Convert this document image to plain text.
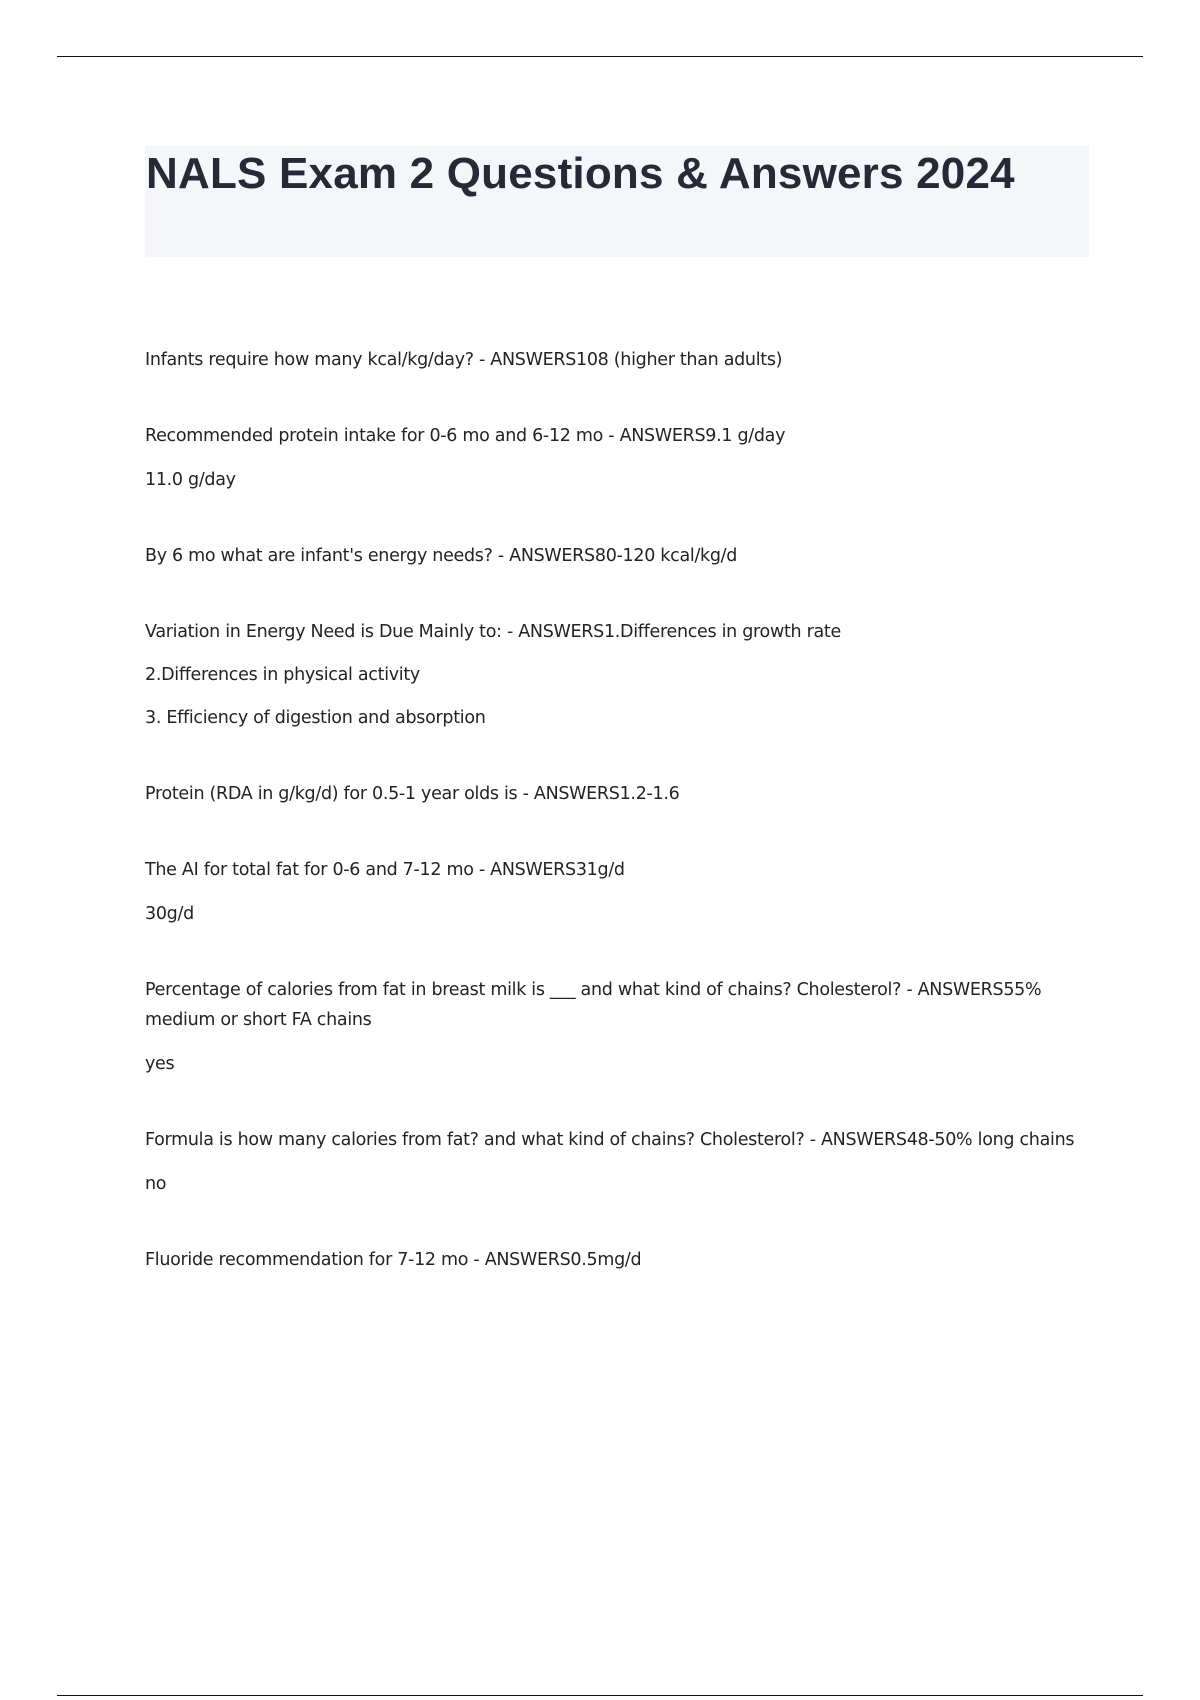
NALS Exam 2 Questions & Answers 2024

Infants require how many kcal/kg/day? - ANSWERS108 (higher than adults)

Recommended protein intake for 0-6 mo and 6-12 mo - ANSWERS9.1 g/day

11.0 g/day

By 6 mo what are infant's energy needs? - ANSWERS80-120 kcal/kg/d

Variation in Energy Need is Due Mainly to: - ANSWERS1.Differences in growth rate

2.Differences in physical activity

3. Efficiency of digestion and absorption

Protein (RDA in g/kg/d) for 0.5-1 year olds is - ANSWERS1.2-1.6

The AI for total fat for 0-6 and 7-12 mo - ANSWERS31g/d

30g/d

Percentage of calories from fat in breast milk is ___ and what kind of chains? Cholesterol? - ANSWERS55% medium or short FA chains

yes

Formula is how many calories from fat? and what kind of chains? Cholesterol? - ANSWERS48-50% long chains

no

Fluoride recommendation for 7-12 mo - ANSWERS0.5mg/d
